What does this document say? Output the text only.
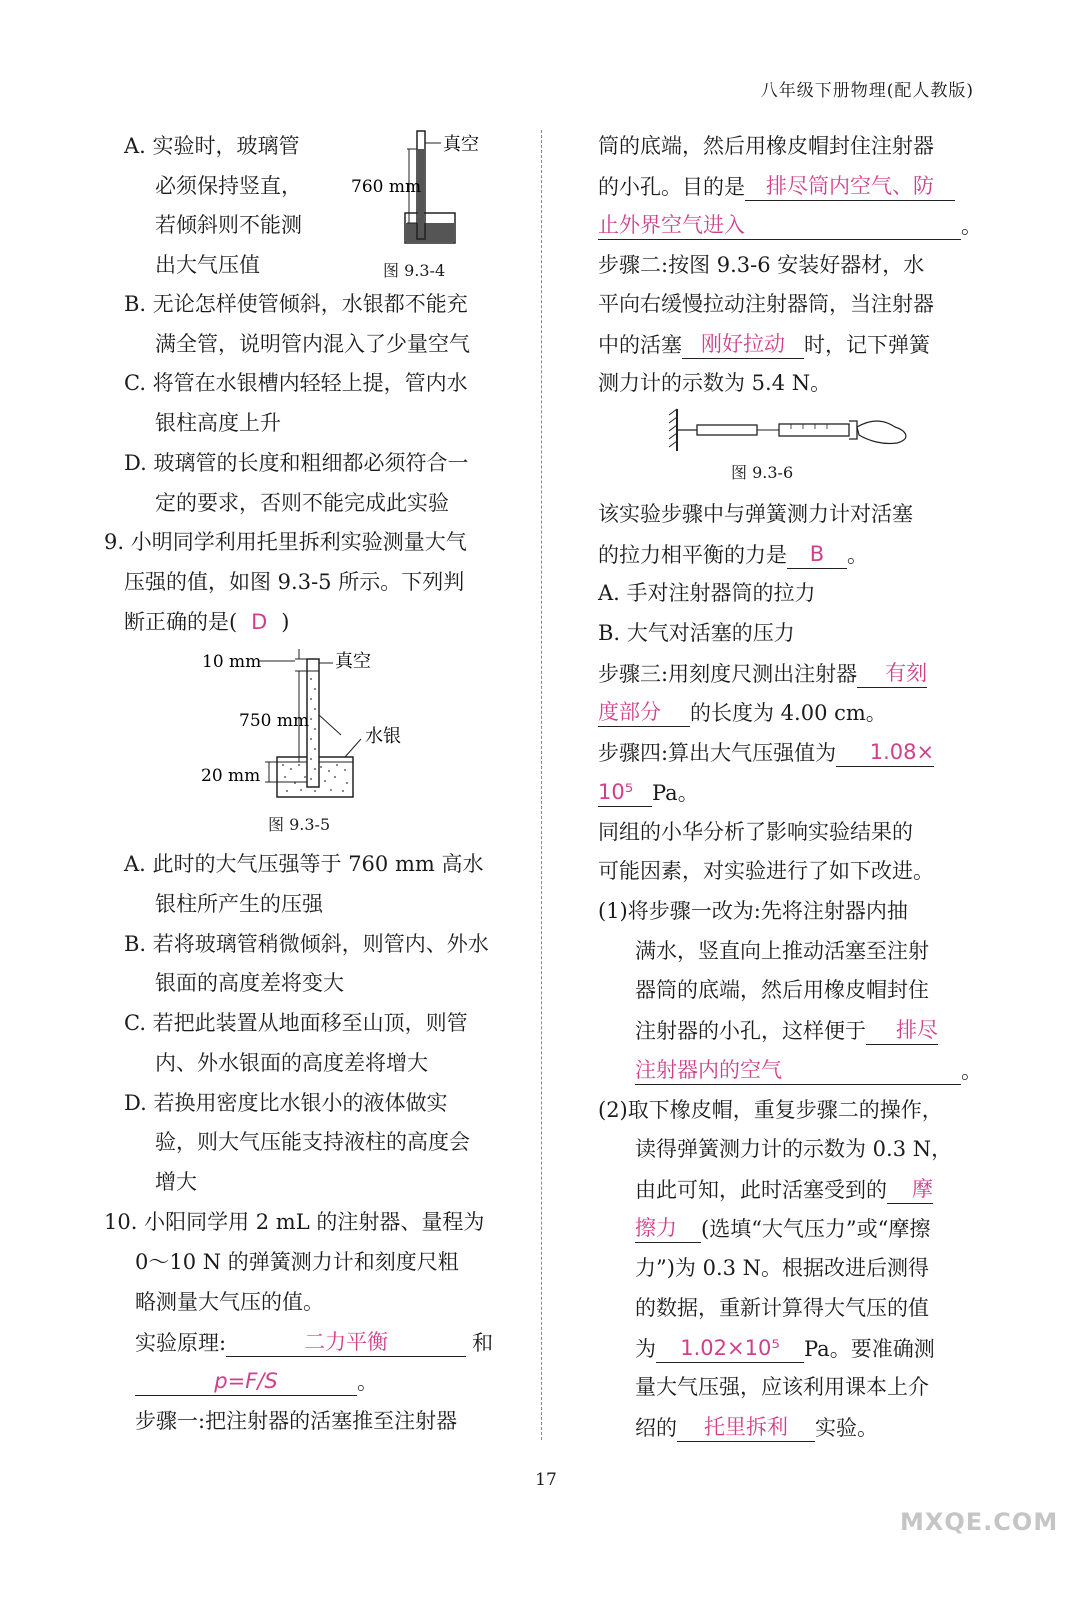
八年级下册物理(配人教版)
A. 实验时，玻璃管
必须保持竖直，
若倾斜则不能测
出大气压值
真空
760 mm
图 9.3-4
B. 无论怎样使管倾斜，水银都不能充
满全管，说明管内混入了少量空气
C. 将管在水银槽内轻轻上提，管内水
银柱高度上升
D. 玻璃管的长度和粗细都必须符合一
定的要求，否则不能完成此实验
9. 小明同学利用托里拆利实验测量大气
压强的值，如图 9.3-5 所示。下列判
断正确的是( D )
10 mm	真空
750 mm
水银
20 mm
图 9.3-5
A. 此时的大气压强等于 760 mm 高水
银柱所产生的压强
B. 若将玻璃管稍微倾斜，则管内、外水
银面的高度差将变大
C. 若把此装置从地面移至山顶，则管
内、外水银面的高度差将增大
D. 若换用密度比水银小的液体做实
验，则大气压能支持液柱的高度会
增大
10. 小阳同学用 2 mL 的注射器、量程为
0～10 N 的弹簧测力计和刻度尺粗
略测量大气压的值。
实验原理:	二力平衡	和
p=F/S	。
步骤一:把注射器的活塞推至注射器
筒的底端，然后用橡皮帽封住注射器
的小孔。目的是 排尽筒内空气、防
止外界空气进入	。
步骤二:按图 9.3-6 安装好器材，水
平向右缓慢拉动注射器筒，当注射器
中的活塞 刚好拉动 时，记下弹簧
测力计的示数为 5.4 N。
图 9.3-6
该实验步骤中与弹簧测力计对活塞
的拉力相平衡的力是 B 。
A. 手对注射器筒的拉力
B. 大气对活塞的压力
步骤三:用刻度尺测出注射器 有刻
度部分 的长度为 4.00 cm。
步骤四:算出大气压强值为 1.08×
10⁵ Pa。
同组的小华分析了影响实验结果的
可能因素，对实验进行了如下改进。
(1)将步骤一改为:先将注射器内抽
满水，竖直向上推动活塞至注射
器筒的底端，然后用橡皮帽封住
注射器的小孔，这样便于 排尽
注射器内的空气	。
(2)取下橡皮帽，重复步骤二的操作，
读得弹簧测力计的示数为 0.3 N，
由此可知，此时活塞受到的 摩
擦力 (选填“大气压力”或“摩擦
力”)为 0.3 N。根据改进后测得
的数据，重新计算得大气压的值
为 1.02×10⁵ Pa。要准确测
量大气压强，应该利用课本上介
绍的 托里拆利 实验。
17
MXQE.COM
